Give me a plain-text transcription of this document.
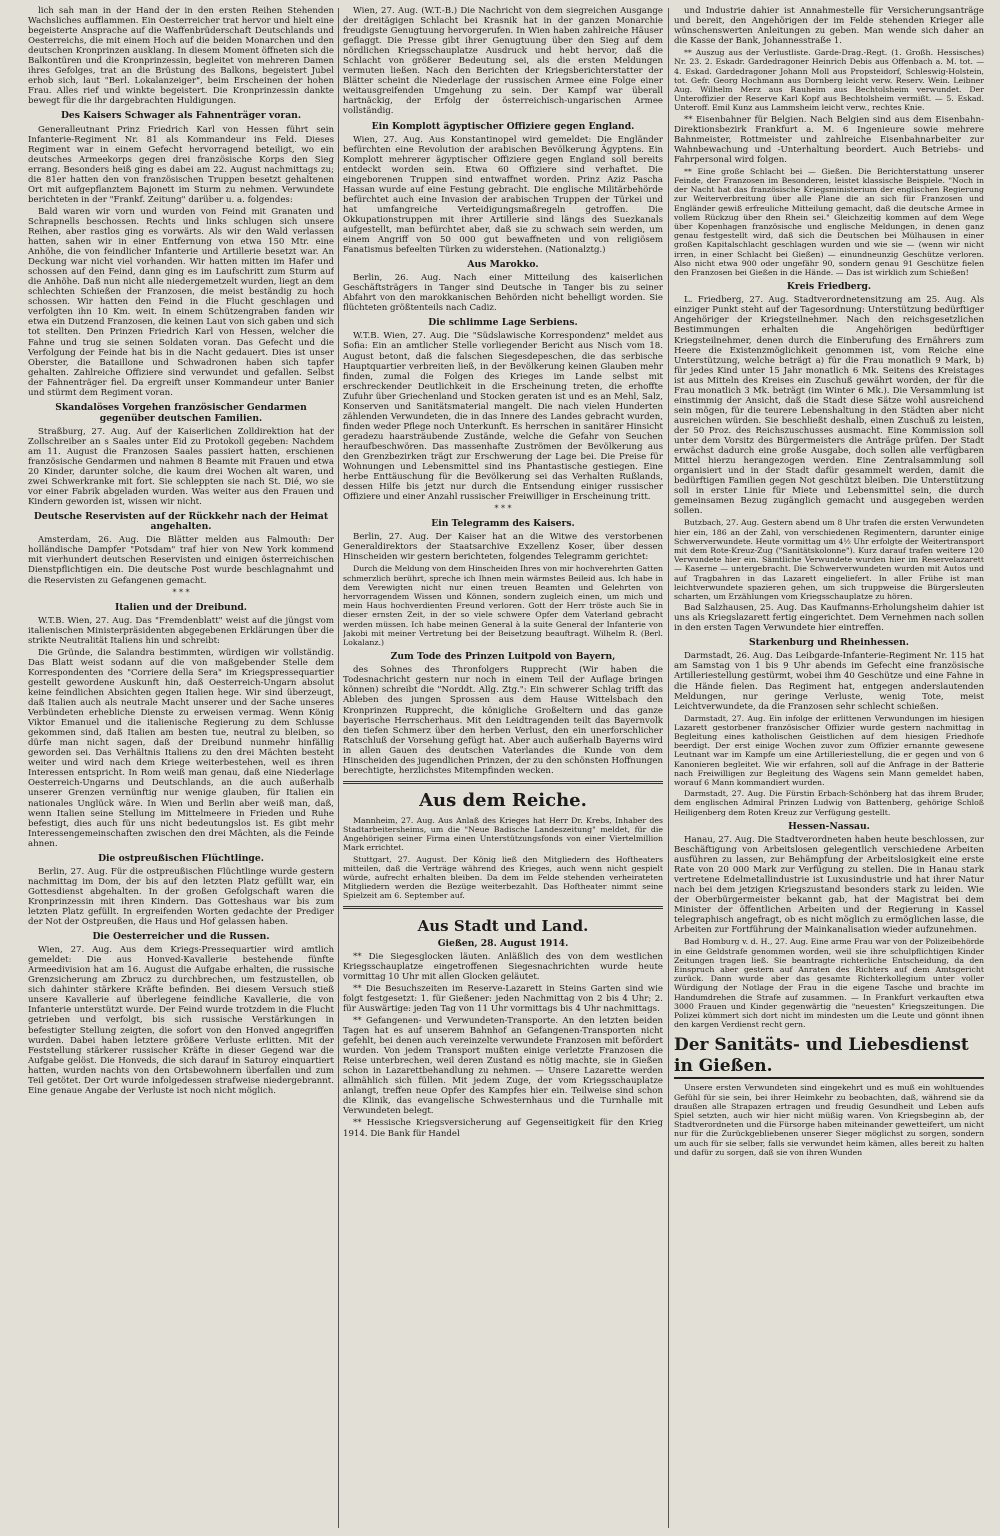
lich sah man in der Hand der in den ersten Reihen Stehenden Wachsliches aufflammen. Ein Oesterreicher trat hervor und hielt eine begeisterte Ansprache auf die Waffenbrüderschaft Deutschlands und Oesterreichs, die mit einem Hoch auf die beiden Monarchen und den deutschen Kronprinzen ausklang. In diesem Moment öffneten sich die Balkontüren und die Kronprinzessin, begleitet von mehreren Damen ihres Gefolges, trat an die Brüstung des Balkons, begeistert Jubel erhob sich, laut "Berl. Lokalanzeiger", beim Erscheinen der hohen Frau. Alles rief und winkte begeistert. Die Kronprinzessin dankte bewegt für die ihr dargebrachten Huldigungen.

Des Kaisers Schwager als Fahnenträger voran.

Generalleutnant Prinz Friedrich Karl von Hessen führt sein Infanterie-Regiment Nr. 81 als Kommandeur ins Feld. Dieses Regiment war in einem Gefecht hervorragend beteiligt, wo ein deutsches Armeekorps gegen drei französische Korps den Sieg errang. Besonders heiß ging es dabei am 22. August nachmittags zu; die 81er hatten den von französischen Truppen besetzt gehaltenen Ort mit aufgepflanztem Bajonett im Sturm zu nehmen. Verwundete berichteten in der "Frankf. Zeitung" darüber u. a. folgendes:

Bald waren wir vorn und wurden von Feind mit Granaten und Schrapnells beschossen. Rechts und links schlugen sich unsere Reihen, aber rastlos ging es vorwärts. Als wir den Wald verlassen hatten, sahen wir in einer Entfernung von etwa 150 Mtr. eine Anhöhe, die von feindlicher Infanterie und Artillerie besetzt war. An Deckung war nicht viel vorhanden. Wir hatten mitten im Hafer und schossen auf den Feind, dann ging es im Laufschritt zum Sturm auf die Anhöhe. Daß nun nicht alle niedergemetzelt wurden, liegt an dem schlechten Schießen der Franzosen, die meist beständig zu hoch schossen. Wir hatten den Feind in die Flucht geschlagen und verfolgten ihn 10 Km. weit. In einem Schützengraben fanden wir etwa ein Dutzend Franzosen, die keinen Laut von sich gaben und sich tot stellten. Den Prinzen Friedrich Karl von Hessen, welcher die Fahne und trug sie seinen Soldaten voran. Das Gefecht und die Verfolgung der Feinde hat bis in die Nacht gedauert. Dies ist unser Oberster, die Bataillone und Schwadronen haben sich tapfer gehalten. Zahlreiche Offiziere sind verwundet und gefallen. Selbst der Fahnenträger fiel. Da ergreift unser Kommandeur unter Banier und stürmt dem Regiment voran.

Skandalöses Vorgehen französischer Gendarmen
gegenüber deutschen Familien.

Straßburg, 27. Aug. Auf der Kaiserlichen Zolldirektion hat der Zollschreiber an s Saales unter Eid zu Protokoll gegeben: Nachdem am 11. August die Franzosen Saales passiert hatten, erschienen französische Gendarmen und nahmen 8 Beamte mit Frauen und etwa 20 Kinder, darunter solche, die kaum drei Wochen alt waren, und zwei Schwerkranke mit fort. Sie schleppten sie nach St. Dié, wo sie vor einer Fabrik abgeladen wurden. Was weiter aus den Frauen und Kindern geworden ist, wissen wir nicht.

Deutsche Reservisten auf der Rückkehr nach der Heimat angehalten.

Amsterdam, 26. Aug. Die Blätter melden aus Falmouth: Der holländische Dampfer "Potsdam" traf hier von New York kommend mit vierhundert deutschen Reservisten und einigen österreichischen Dienstpflichtigen ein. Die deutsche Post wurde beschlagnahmt und die Reservisten zu Gefangenen gemacht.

* * *
Italien und der Dreibund.

W.T.B. Wien, 27. Aug. Das "Fremdenblatt" weist auf die jüngst vom italienischen Ministerpräsidenten abgegebenen Erklärungen über die strikte Neutralität Italiens hin und schreibt:

Die Gründe, die Salandra bestimmten, würdigen wir vollständig. Das Blatt weist sodann auf die von maßgebender Stelle dem Korrespondenten des "Corriere della Sera" im Kriegspressequartier gestellt gewordene Auskunft hin, daß Oesterreich-Ungarn absolut keine feindlichen Absichten gegen Italien hege. Wir sind überzeugt, daß Italien auch als neutrale Macht unserer und der Sache unseres Verbündeten erhebliche Dienste zu erweisen vermag. Wenn König Viktor Emanuel und die italienische Regierung zu dem Schlusse gekommen sind, daß Italien am besten tue, neutral zu bleiben, so dürfe man nicht sagen, daß der Dreibund nunmehr hinfällig geworden sei. Das Verhältnis Italiens zu den drei Mächten besteht weiter und wird nach dem Kriege weiterbestehen, weil es ihren Interessen entspricht. In Rom weiß man genau, daß eine Niederlage Oesterreich-Ungarns und Deutschlands, an die auch außerhalb unserer Grenzen vernünftig nur wenige glauben, für Italien ein nationales Unglück wäre. In Wien und Berlin aber weiß man, daß, wenn Italien seine Stellung im Mittelmeere in Frieden und Ruhe befestigt, dies auch für uns nicht bedeutungslos ist. Es gibt mehr Interessengemeinschaften zwischen den drei Mächten, als die Feinde ahnen.

Die ostpreußischen Flüchtlinge.

Berlin, 27. Aug. Für die ostpreußischen Flüchtlinge wurde gestern nachmittag im Dom, der bis auf den letzten Platz gefüllt war, ein Gottesdienst abgehalten. In der großen Gefolgschaft waren die Kronprinzessin mit ihren Kindern. Das Gotteshaus war bis zum letzten Platz gefüllt. In ergreifenden Worten gedachte der Prediger der Not der Ostpreußen, die Haus und Hof gelassen haben.

Die Oesterreicher und die Russen.

Wien, 27. Aug. Aus dem Kriegs-Pressequartier wird amtlich gemeldet: Die aus Honved-Kavallerie bestehende fünfte Armeedivision hat am 16. August die Aufgabe erhalten, die russische Grenzsicherung am Zbrucz zu durchbrechen, um festzustellen, ob sich dahinter stärkere Kräfte befinden. Bei diesem Versuch stieß unsere Kavallerie auf überlegene feindliche Kavallerie, die von Infanterie unterstützt wurde. Der Feind wurde trotzdem in die Flucht getrieben und verfolgt, bis sich russische Verstärkungen in befestigter Stellung zeigten, die sofort von den Honved angegriffen wurden. Dabei haben letztere größere Verluste erlitten. Mit der Feststellung stärkerer russischer Kräfte in dieser Gegend war die Aufgabe gelöst. Die Honveds, die sich darauf in Saturoy einquartiert hatten, wurden nachts von den Ortsbewohnern überfallen und zum Teil getötet. Der Ort wurde infolgedessen strafweise niedergebrannt. Eine genaue Angabe der Verluste ist noch nicht möglich.

Wien, 27. Aug. (W.T.-B.) Die Nachricht von dem siegreichen Ausgange der dreitägigen Schlacht bei Krasnik hat in der ganzen Monarchie freudigste Genugtuung hervorgerufen. In Wien haben zahlreiche Häuser geflaggt. Die Presse gibt ihrer Genugtuung über den Sieg auf dem nördlichen Kriegsschauplatze Ausdruck und hebt hervor, daß die Schlacht von größerer Bedeutung sei, als die ersten Meldungen vermuten ließen. Nach den Berichten der Kriegsberichterstatter der Blätter scheint die Niederlage der russischen Armee eine Folge einer weitausgreifenden Umgehung zu sein. Der Kampf war überall hartnäckig, der Erfolg der österreichisch-ungarischen Armee vollständig.

Ein Komplott ägyptischer Offiziere gegen England.

Wien, 27. Aug. Aus Konstantinopel wird gemeldet: Die Engländer befürchten eine Revolution der arabischen Bevölkerung Ägyptens. Ein Komplott mehrerer ägyptischer Offiziere gegen England soll bereits entdeckt worden sein. Etwa 60 Offiziere sind verhaftet. Die eingeborenen Truppen sind entwaffnet worden. Prinz Aziz Pascha Hassan wurde auf eine Festung gebracht. Die englische Militärbehörde befürchtet auch eine Invasion der arabischen Truppen der Türkei und hat umfangreiche Verteidigungsmaßregeln getroffen. Die Okkupationstruppen mit ihrer Artillerie sind längs des Suezkanals aufgestellt, man befürchtet aber, daß sie zu schwach sein werden, um einem Angriff von 50 000 gut bewaffneten und von religiösem Fanatismus befeelten Türken zu widerstehen. (Nationalztg.)

Aus Marokko.

Berlin, 26. Aug. Nach einer Mitteilung des kaiserlichen Geschäftsträgers in Tanger sind Deutsche in Tanger bis zu seiner Abfahrt von den marokkanischen Behörden nicht behelligt worden. Sie flüchteten größtenteils nach Cadiz.

Die schlimme Lage Serbiens.

W.T.B. Wien, 27. Aug. Die "Südslawische Korrespondenz" meldet aus Sofia: Ein an amtlicher Stelle vorliegender Bericht aus Nisch vom 18. August betont, daß die falschen Siegesdepeschen, die das serbische Hauptquartier verbreiten ließ, in der Bevölkerung keinen Glauben mehr finden, zumal die Folgen des Krieges im Lande selbst mit erschreckender Deutlichkeit in die Erscheinung treten, die erhoffte Zufuhr über Griechenland und Stocken geraten ist und es an Mehl, Salz, Konserven und Sanitätsmaterial mangelt. Die nach vielen Hunderten zählenden Verwundeten, die in das Innere des Landes gebracht wurden, finden weder Pflege noch Unterkunft. Es herrschen in sanitärer Hinsicht geradezu haarsträubende Zustände, welche die Gefahr von Seuchen heraufbeschwören. Das massenhafte Zuströmen der Bevölkerung aus den Grenzbezirken trägt zur Erschwerung der Lage bei. Die Preise für Wohnungen und Lebensmittel sind ins Phantastische gestiegen. Eine herbe Enttäuschung für die Bevölkerung sei das Verhalten Rußlands, dessen Hilfe bis jetzt nur durch die Entsendung einiger russischer Offiziere und einer Anzahl russischer Freiwilliger in Erscheinung tritt.

* * *
Ein Telegramm des Kaisers.

Berlin, 27. Aug. Der Kaiser hat an die Witwe des verstorbenen Generaldirektors der Staatsarchive Exzellenz Koser, über dessen Hinscheiden wir gestern berichteten, folgendes Telegramm gerichtet:

Durch die Meldung von dem Hinscheiden Ihres von mir hochverehrten Gatten schmerzlich berührt, spreche ich Ihnen mein wärmstes Beileid aus. Ich habe in dem Verewigten nicht nur einen treuen Beamten und Gelehrten von hervorragendem Wissen und Können, sondern zugleich einen, um mich und mein Haus hochverdienten Freund verloren. Gott der Herr tröste auch Sie in dieser ernsten Zeit, in der so viele schwere Opfer dem Vaterland gebracht werden müssen. Ich habe meinen General à la suite General der Infanterie von Jakobi mit meiner Vertretung bei der Beisetzung beauftragt. Wilhelm R. (Berl. Lokalanz.)

Zum Tode des Prinzen Luitpold von Bayern,

des Sohnes des Thronfolgers Rupprecht (Wir haben die Todesnachricht gestern nur noch in einem Teil der Auflage bringen können) schreibt die "Norddt. Allg. Ztg.": Ein schwerer Schlag trifft das Ableben des jungen Sprossen aus dem Hause Wittelsbach den Kronprinzen Rupprecht, die königliche Großeltern und das ganze bayerische Herrscherhaus. Mit den Leidtragenden teilt das Bayernvolk den tiefen Schmerz über den herben Verlust, den ein unerforschlicher Ratschluß der Vorsehung gefügt hat. Aber auch außerhalb Bayerns wird in allen Gauen des deutschen Vaterlandes die Kunde von dem Hinscheiden des jugendlichen Prinzen, der zu den schönsten Hoffnungen berechtigte, herzlichstes Mitempfinden wecken.

Aus dem Reiche.

Mannheim, 27. Aug. Aus Anlaß des Krieges hat Herr Dr. Krebs, Inhaber des Stadtarbeitersheims, um die "Neue Badische Landeszeitung" meldet, für die Angehörigen seiner Firma einen Unterstützungsfonds von einer Viertelmillion Mark errichtet.

Stuttgart, 27. August. Der König ließ den Mitgliedern des Hoftheaters mitteilen, daß die Verträge während des Krieges, auch wenn nicht gespielt würde, aufrecht erhalten bleiben. Da dem im Felde stehenden verheirateten Mitgliedern werden die Bezüge weiterbezahlt. Das Hoftheater nimmt seine Spielzeit am 6. September auf.

Aus Stadt und Land.
Gießen, 28. August 1914.

** Die Siegesglocken läuten. Anläßlich des von dem westlichen Kriegsschauplatze eingetroffenen Siegesnachrichten wurde heute vormittag 10 Uhr mit allen Glocken geläutet.

** Die Besuchszeiten im Reserve-Lazarett in Steins Garten sind wie folgt festgesetzt: 1. für Gießener: jeden Nachmittag von 2 bis 4 Uhr; 2. für Auswärtige: jeden Tag von 11 Uhr vormittags bis 4 Uhr nachmittags.

** Gefangenen- und Verwundeten-Transporte. An den letzten beiden Tagen hat es auf unserem Bahnhof an Gefangenen-Transporten nicht gefehlt, bei denen auch vereinzelte verwundete Franzosen mit befördert wurden. Von jedem Transport mußten einige verletzte Franzosen die Reise unterbrechen, weil deren Zustand es nötig machte, sie in Gießen schon in Lazarettbehandlung zu nehmen. — Unsere Lazarette werden allmählich sich füllen. Mit jedem Zuge, der vom Kriegsschauplatze anlangt, treffen neue Opfer des Kampfes hier ein. Teilweise sind schon die Klinik, das evangelische Schwesternhaus und die Turnhalle mit Verwundeten belegt.

** Hessische Kriegsversicherung auf Gegenseitigkeit für den Krieg 1914. Die Bank für Handel

und Industrie dahier ist Annahmestelle für Versicherungsanträge und bereit, den Angehörigen der im Felde stehenden Krieger alle wünschenswerten Anleitungen zu geben. Man wende sich daher an die Kasse der Bank, Johannesstraße 1.

** Auszug aus der Verlustliste. Garde-Drag.-Regt. (1. Großh. Hessisches) Nr. 23. 2. Eskadr. Gardedragoner Heinrich Debis aus Offenbach a. M. tot. — 4. Eskad. Gardedragoner Johann Moll aus Propsteidorf, Schleswig-Holstein, tot. Gefr. Georg Hochmann aus Dornberg leicht verw. Reserv. Wein. Leibner Aug. Wilhelm Merz aus Rauheim aus Bechtolsheim verwundet. Der Unteroffizier der Reserve Karl Kopf aus Bechtolsheim vermißt. — 5. Eskad. Unteroff. Emil Kunz aus Lammsheim leicht verw., rechtes Knie.

** Eisenbahner für Belgien. Nach Belgien sind aus dem Eisenbahn-Direktionsbezirk Frankfurt a. M. 6 Ingenieure sowie mehrere Bahnmeister, Rottmeister und zahlreiche Eisenbahnarbeiter zur Wahnbewachung und -Unterhaltung beordert. Auch Betriebs- und Fahrpersonal wird folgen.

** Eine große Schlacht bei — Gießen. Die Berichterstattung unserer Feinde, der Franzosen im Besonderen, leistet klassische Beispiele. "Noch in der Nacht hat das französische Kriegsministerium der englischen Regierung zur Weiterverbreitung über alle Plane die an sich für Franzosen und Engländer gewiß erfreuliche Mitteilung gemacht, daß die deutsche Armee in vollem Rückzug über den Rhein sei." Gleichzeitig kommen auf dem Wege über Kopenhagen französische und englische Meldungen, in denen ganz genau festgestellt wird, daß sich die Deutschen bei Mülhausen in einer großen Kapitalschlacht geschlagen wurden und wie sie — (wenn wir nicht irren, in einer Schlacht bei Gießen) — einundneunzig Geschütze verloren. Also nicht etwa 900 oder ungefähr 90, sondern genau 91 Geschütze fielen den Franzosen bei Gießen in die Hände. — Das ist wirklich zum Schießen!

Kreis Friedberg.

L. Friedberg, 27. Aug. Stadtverordnetensitzung am 25. Aug. Als einziger Punkt steht auf der Tagesordnung: Unterstützung bedürftiger Angehöriger der Kriegsteilnehmer. Nach den reichsgesetzlichen Bestimmungen erhalten die Angehörigen bedürftiger Kriegsteilnehmer, denen durch die Einberufung des Ernährers zum Heere die Existenzmöglichkeit genommen ist, vom Reiche eine Unterstützung, welche beträgt a) für die Frau monatlich 9 Mark, b) für jedes Kind unter 15 Jahr monatlich 6 Mk. Seitens des Kreistages ist aus Mitteln des Kreises ein Zuschuß gewährt worden, der für die Frau monatlich 3 Mk. beträgt (im Winter 6 Mk.). Die Versammlung ist einstimmig der Ansicht, daß die Stadt diese Sätze wohl ausreichend sein mögen, für die teurere Lebenshaltung in den Städten aber nicht ausreichen würden. Sie beschließt deshalb, einen Zuschuß zu leisten, der 50 Proz. des Reichszuschusses ausmacht. Eine Kommission soll unter dem Vorsitz des Bürgermeisters die Anträge prüfen. Der Stadt erwächst dadurch eine große Ausgabe, doch sollen alle verfügbaren Mittel hierzu herangezogen werden. Eine Zentralsammlung soll organisiert und in der Stadt dafür gesammelt werden, damit die bedürftigen Familien gegen Not geschützt bleiben. Die Unterstützung soll in erster Linie für Miete und Lebensmittel sein, die durch gemeinsamen Bezug zugänglich gemacht und ausgegeben werden sollen.

Butzbach, 27. Aug. Gestern abend um 8 Uhr trafen die ersten Verwundeten hier ein, 186 an der Zahl, von verschiedenen Regimentern, darunter einige Schwerverwundete. Heute vormittag um 4½ Uhr erfolgte der Weitertransport mit dem Rote-Kreuz-Zug ("Sanitätskolonne"). Kurz darauf trafen weitere 120 Verwundete hier ein. Sämtliche Verwundete wurden hier im Reservelazarett — Kaserne — untergebracht. Die Schwerverwundeten wurden mit Autos und auf Tragbahren in das Lazarett eingeliefert. In aller Frühe ist man leichtverwundete spazieren gehen, um sich truppweise die Bürgersleuten scharten, um Erzählungen vom Kriegsschauplatze zu hören.

Bad Salzhausen, 25. Aug. Das Kaufmanns-Erholungsheim dahier ist uns als Kriegslazarett fertig eingerichtet. Dem Vernehmen nach sollen in den ersten Tagen Verwundete hier eintreffen.

Starkenburg und Rheinhessen.

Darmstadt, 26. Aug. Das Leibgarde-Infanterie-Regiment Nr. 115 hat am Samstag von 1 bis 9 Uhr abends im Gefecht eine französische Artilleriestellung gestürmt, wobei ihm 40 Geschütze und eine Fahne in die Hände fielen. Das Regiment hat, entgegen anderslautenden Meldungen, nur geringe Verluste, wenig Tote, meist Leichtverwundete, da die Franzosen sehr schlecht schießen.

Darmstadt, 27. Aug. Ein infolge der erlittenen Verwundungen im hiesigen Lazarett gestorbener französischer Offizier wurde gestern nachmittag in Begleitung eines katholischen Geistlichen auf dem hiesigen Friedhofe beerdigt. Der erst einige Wochen zuvor zum Offizier ernannte gewesene Leutnant war im Kampfe um eine Artilleriestellung, die er gegen und von 6 Kanonieren begleitet. Wie wir erfahren, soll auf die Anfrage in der Batterie nach Freiwilligen zur Begleitung des Wagens sein Mann gemeldet haben, worauf 6 Mann kommandiert wurden.

Darmstadt, 27. Aug. Die Fürstin Erbach-Schönberg hat das ihrem Bruder, dem englischen Admiral Prinzen Ludwig von Battenberg, gehörige Schloß Heiligenberg dem Roten Kreuz zur Verfügung gestellt.

Hessen-Nassau.

Hanau, 27. Aug. Die Stadtverordneten haben heute beschlossen, zur Beschäftigung von Arbeitslosen gelegentlich verschiedene Arbeiten ausführen zu lassen, zur Behämpfung der Arbeitslosigkeit eine erste Rate von 20 000 Mark zur Verfügung zu stellen. Die in Hanau stark vertretene Edelmetallindustrie ist Luxusindustrie und hat ihrer Natur nach bei dem jetzigen Kriegszustand besonders stark zu leiden. Wie der Oberbürgermeister bekannt gab, hat der Magistrat bei dem Minister der öffentlichen Arbeiten und der Regierung in Kassel telegraphisch angefragt, ob es nicht möglich zu ermöglichen lasse, die Arbeiten zur Fortführung der Mainkanalisation wieder aufzunehmen.

Bad Homburg v. d. H., 27. Aug. Eine arme Frau war von der Polizeibehörde in eine Geldstrafe genommen worden, weil sie ihre schulpflichtigen Kinder Zeitungen tragen ließ. Sie beantragte richterliche Entscheidung, da den Einspruch aber gestern auf Anraten des Richters auf dem Amtsgericht zurück. Dann wurde aber das gesamte Richterkollegium unter voller Würdigung der Notlage der Frau in die eigene Tasche und brachte im Handumdrehen die Strafe auf zusammen. — In Frankfurt verkauften etwa 3000 Frauen und Kinder gegenwärtig die "neuesten" Kriegszeitungen. Die Polizei kümmert sich dort nicht im mindesten um die Leute und gönnt ihnen den kargen Verdienst recht gern.

Der Sanitäts- und Liebesdienst in Gießen.

Unsere ersten Verwundeten sind eingekehrt und es muß ein wohltuendes Gefühl für sie sein, bei ihrer Heimkehr zu beobachten, daß, während sie da draußen alle Strapazen ertragen und freudig Gesundheit und Leben aufs Spiel setzten, auch wir hier nicht müßig waren. Von Kriegsbeginn ab, der Stadtverordneten und die Fürsorge haben miteinander gewetteifert, um nicht nur für die Zurückgebliebenen unserer Sieger möglichst zu sorgen, sondern um auch für sie selber, falls sie verwundet heim kämen, alles bereit zu halten und dafür zu sorgen, daß sie von ihren Wunden
